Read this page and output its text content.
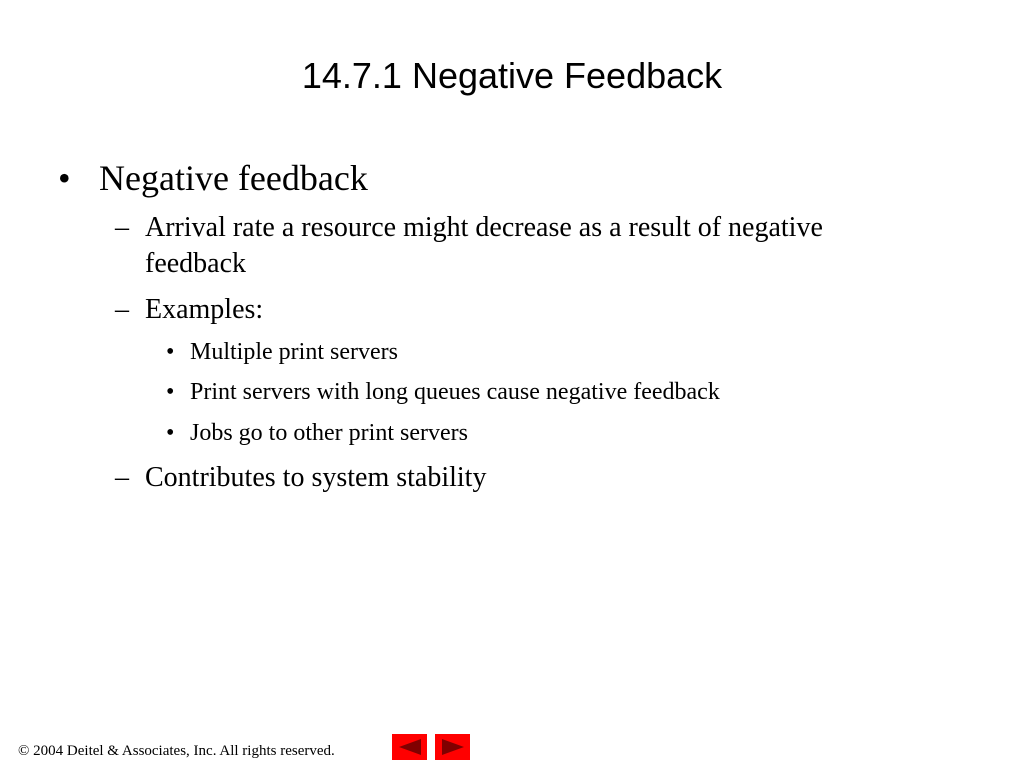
14.7.1 Negative Feedback
• Negative feedback
– Arrival rate a resource might decrease as a result of negative
feedback
– Examples:
• Multiple print servers
• Print servers with long queues cause negative feedback
• Jobs go to other print servers
– Contributes to system stability
© 2004 Deitel & Associates, Inc. All rights reserved.
